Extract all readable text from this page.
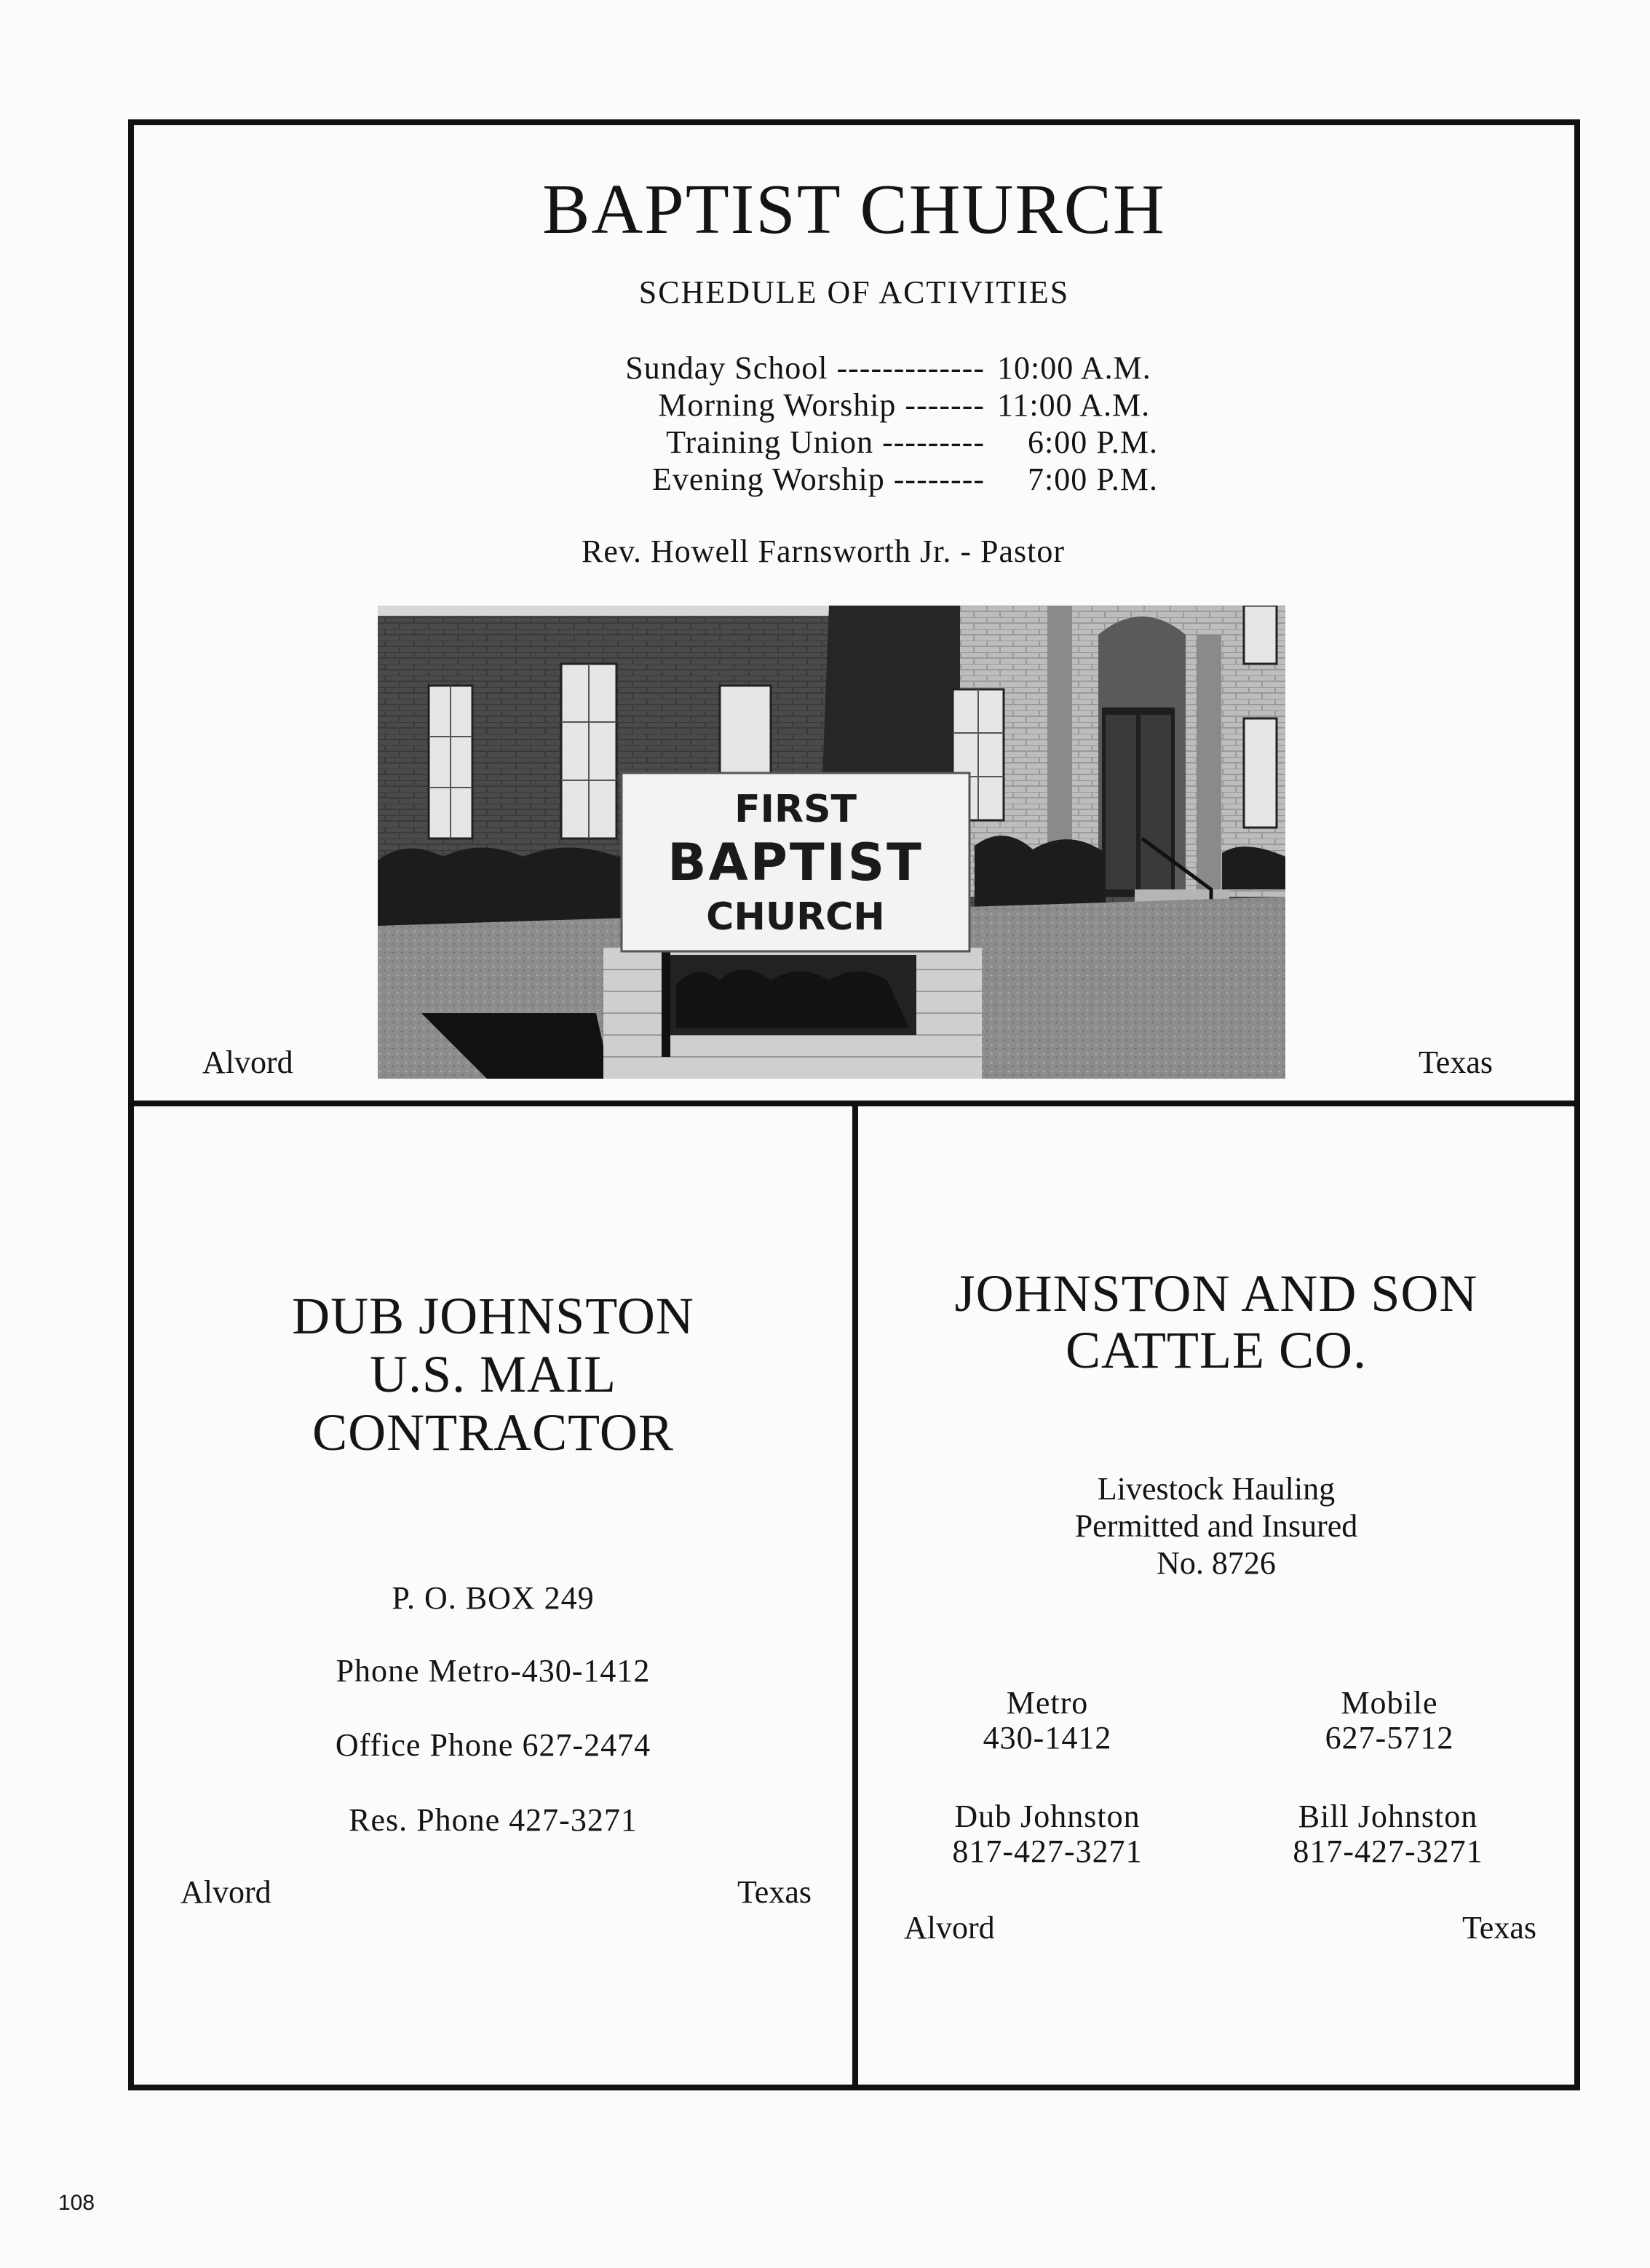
BAPTIST CHURCH
SCHEDULE OF ACTIVITIES
Sunday School ------------- 10:00 A.M.
Morning Worship ------- 11:00 A.M.
Training Union --------- 6:00 P.M.
Evening Worship -------- 7:00 P.M.
Rev. Howell Farnsworth Jr. - Pastor
FIRST
BAPTIST
CHURCH
Alvord	Texas
DUB JOHNSTON
U.S. MAIL
CONTRACTOR
P. O. BOX 249
Phone Metro-430-1412
Office Phone 627-2474
Res. Phone 427-3271
Alvord	Texas
JOHNSTON AND SON
CATTLE CO.
Livestock Hauling
Permitted and Insured
No. 8726
Metro
430-1412
Mobile
627-5712
Dub Johnston
817-427-3271
Bill Johnston
817-427-3271
Alvord	Texas
108
